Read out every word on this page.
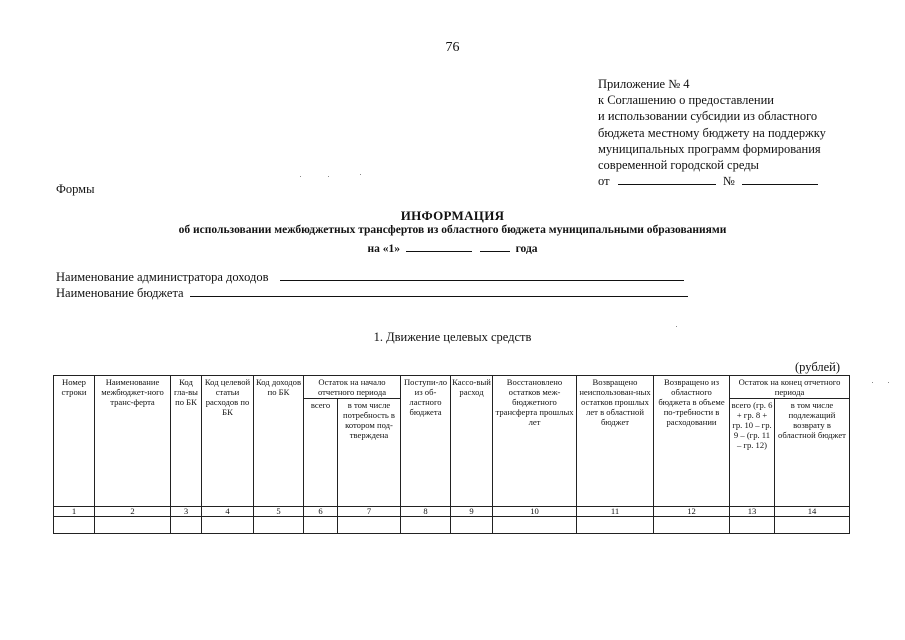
76
Приложение № 4
к Соглашению о предоставлении
и использовании субсидии из областного
бюджета местному бюджету на поддержку
муниципальных программ формирования
современной городской среды
от	№
Формы
ИНФОРМАЦИЯ
об использовании межбюджетных трансфертов из областного бюджета муниципальными образованиями
на «1»	года
Наименование администратора доходов
Наименование бюджета
1. Движение целевых средств
(рублей)
Номер строки	Наименование межбюджет-ного транс-ферта	Код гла-вы по БК	Код целевой статьи расходов по БК	Код доходов по БК	Остаток на начало отчетного периода		Поступи-ло из об-ластного бюджета	Кассо-вый расход	Восстановлено остатков меж-бюджетного трансферта прошлых лет	Возвращено неиспользован-ных остатков прошлых лет в областной бюджет	Возвращено из областного бюджета в объеме по-требности в расходовании	Остаток на конец отчетного периода	
					всего	в том числе потребность в котором под-тверждена						всего (гр. 6 + гр. 8 + гр. 10 – гр. 9 – (гр. 11 – гр. 12)	в том числе подлежащий возврату в областной бюджет
1	2	3	4	5	6	7	8	9	10	11	12	13	14
